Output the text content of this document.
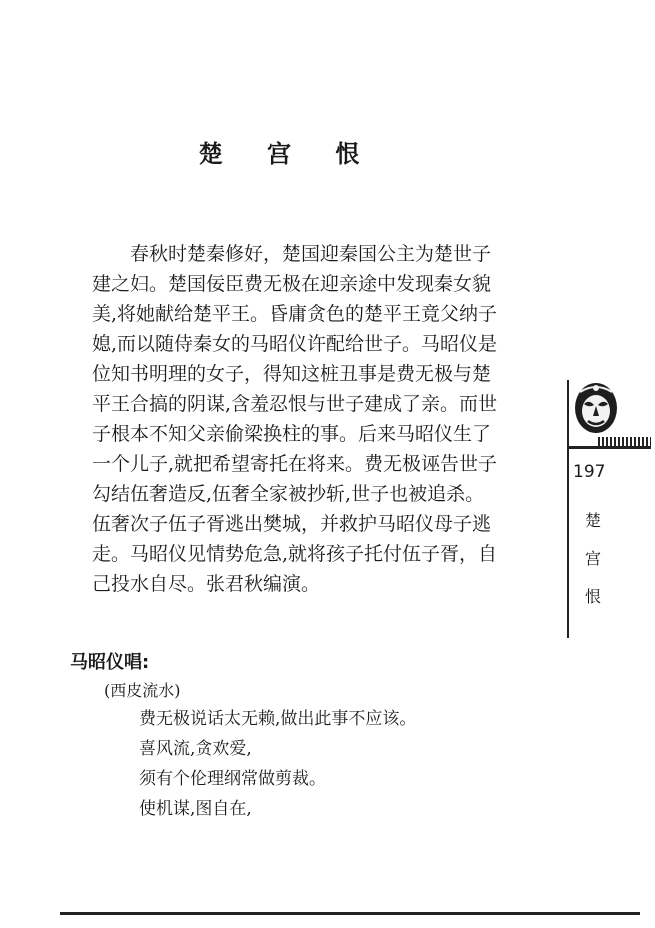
楚 宫 恨
春秋时楚秦修好，楚国迎秦国公主为楚世子
建之妇。楚国佞臣费无极在迎亲途中发现秦女貌
美,将她献给楚平王。昏庸贪色的楚平王竟父纳子
媳,而以随侍秦女的马昭仪许配给世子。马昭仪是
位知书明理的女子，得知这桩丑事是费无极与楚
平王合搞的阴谋,含羞忍恨与世子建成了亲。而世
子根本不知父亲偷梁换柱的事。后来马昭仪生了
一个儿子,就把希望寄托在将来。费无极诬告世子
勾结伍奢造反,伍奢全家被抄斩,世子也被追杀。
伍奢次子伍子胥逃出樊城，并救护马昭仪母子逃
走。马昭仪见情势危急,就将孩子托付伍子胥，自
己投水自尽。张君秋编演。

马昭仪唱:

(西皮流水)

费无极说话太无赖,做出此事不应该。
喜风流,贪欢爱,
须有个伦理纲常做剪裁。
使机谋,图自在,

197

楚
宫
恨
